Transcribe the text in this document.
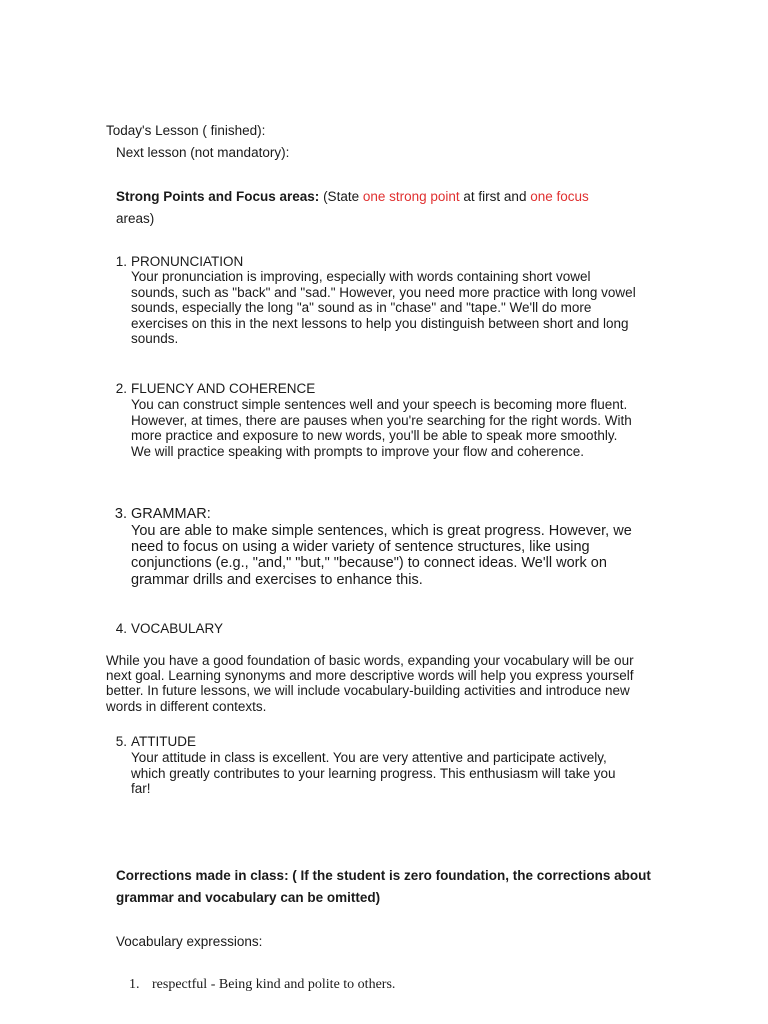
Today's Lesson ( finished):
Next lesson (not mandatory):
Strong Points and Focus areas: (State one strong point at first and one focus
areas)
1. PRONUNCIATION
Your pronunciation is improving, especially with words containing short vowel
sounds, such as "back" and "sad." However, you need more practice with long vowel
sounds, especially the long "a" sound as in "chase" and "tape." We'll do more
exercises on this in the next lessons to help you distinguish between short and long
sounds.
2. FLUENCY AND COHERENCE
You can construct simple sentences well and your speech is becoming more fluent.
However, at times, there are pauses when you're searching for the right words. With
more practice and exposure to new words, you'll be able to speak more smoothly.
We will practice speaking with prompts to improve your flow and coherence.
3. GRAMMAR:
You are able to make simple sentences, which is great progress. However, we
need to focus on using a wider variety of sentence structures, like using
conjunctions (e.g., "and," "but," "because") to connect ideas. We'll work on
grammar drills and exercises to enhance this.
4. VOCABULARY
While you have a good foundation of basic words, expanding your vocabulary will be our
next goal. Learning synonyms and more descriptive words will help you express yourself
better. In future lessons, we will include vocabulary-building activities and introduce new
words in different contexts.
5. ATTITUDE
Your attitude in class is excellent. You are very attentive and participate actively,
which greatly contributes to your learning progress. This enthusiasm will take you
far!
Corrections made in class: ( If the student is zero foundation, the corrections about
grammar and vocabulary can be omitted)
Vocabulary expressions:
1. respectful - Being kind and polite to others.
